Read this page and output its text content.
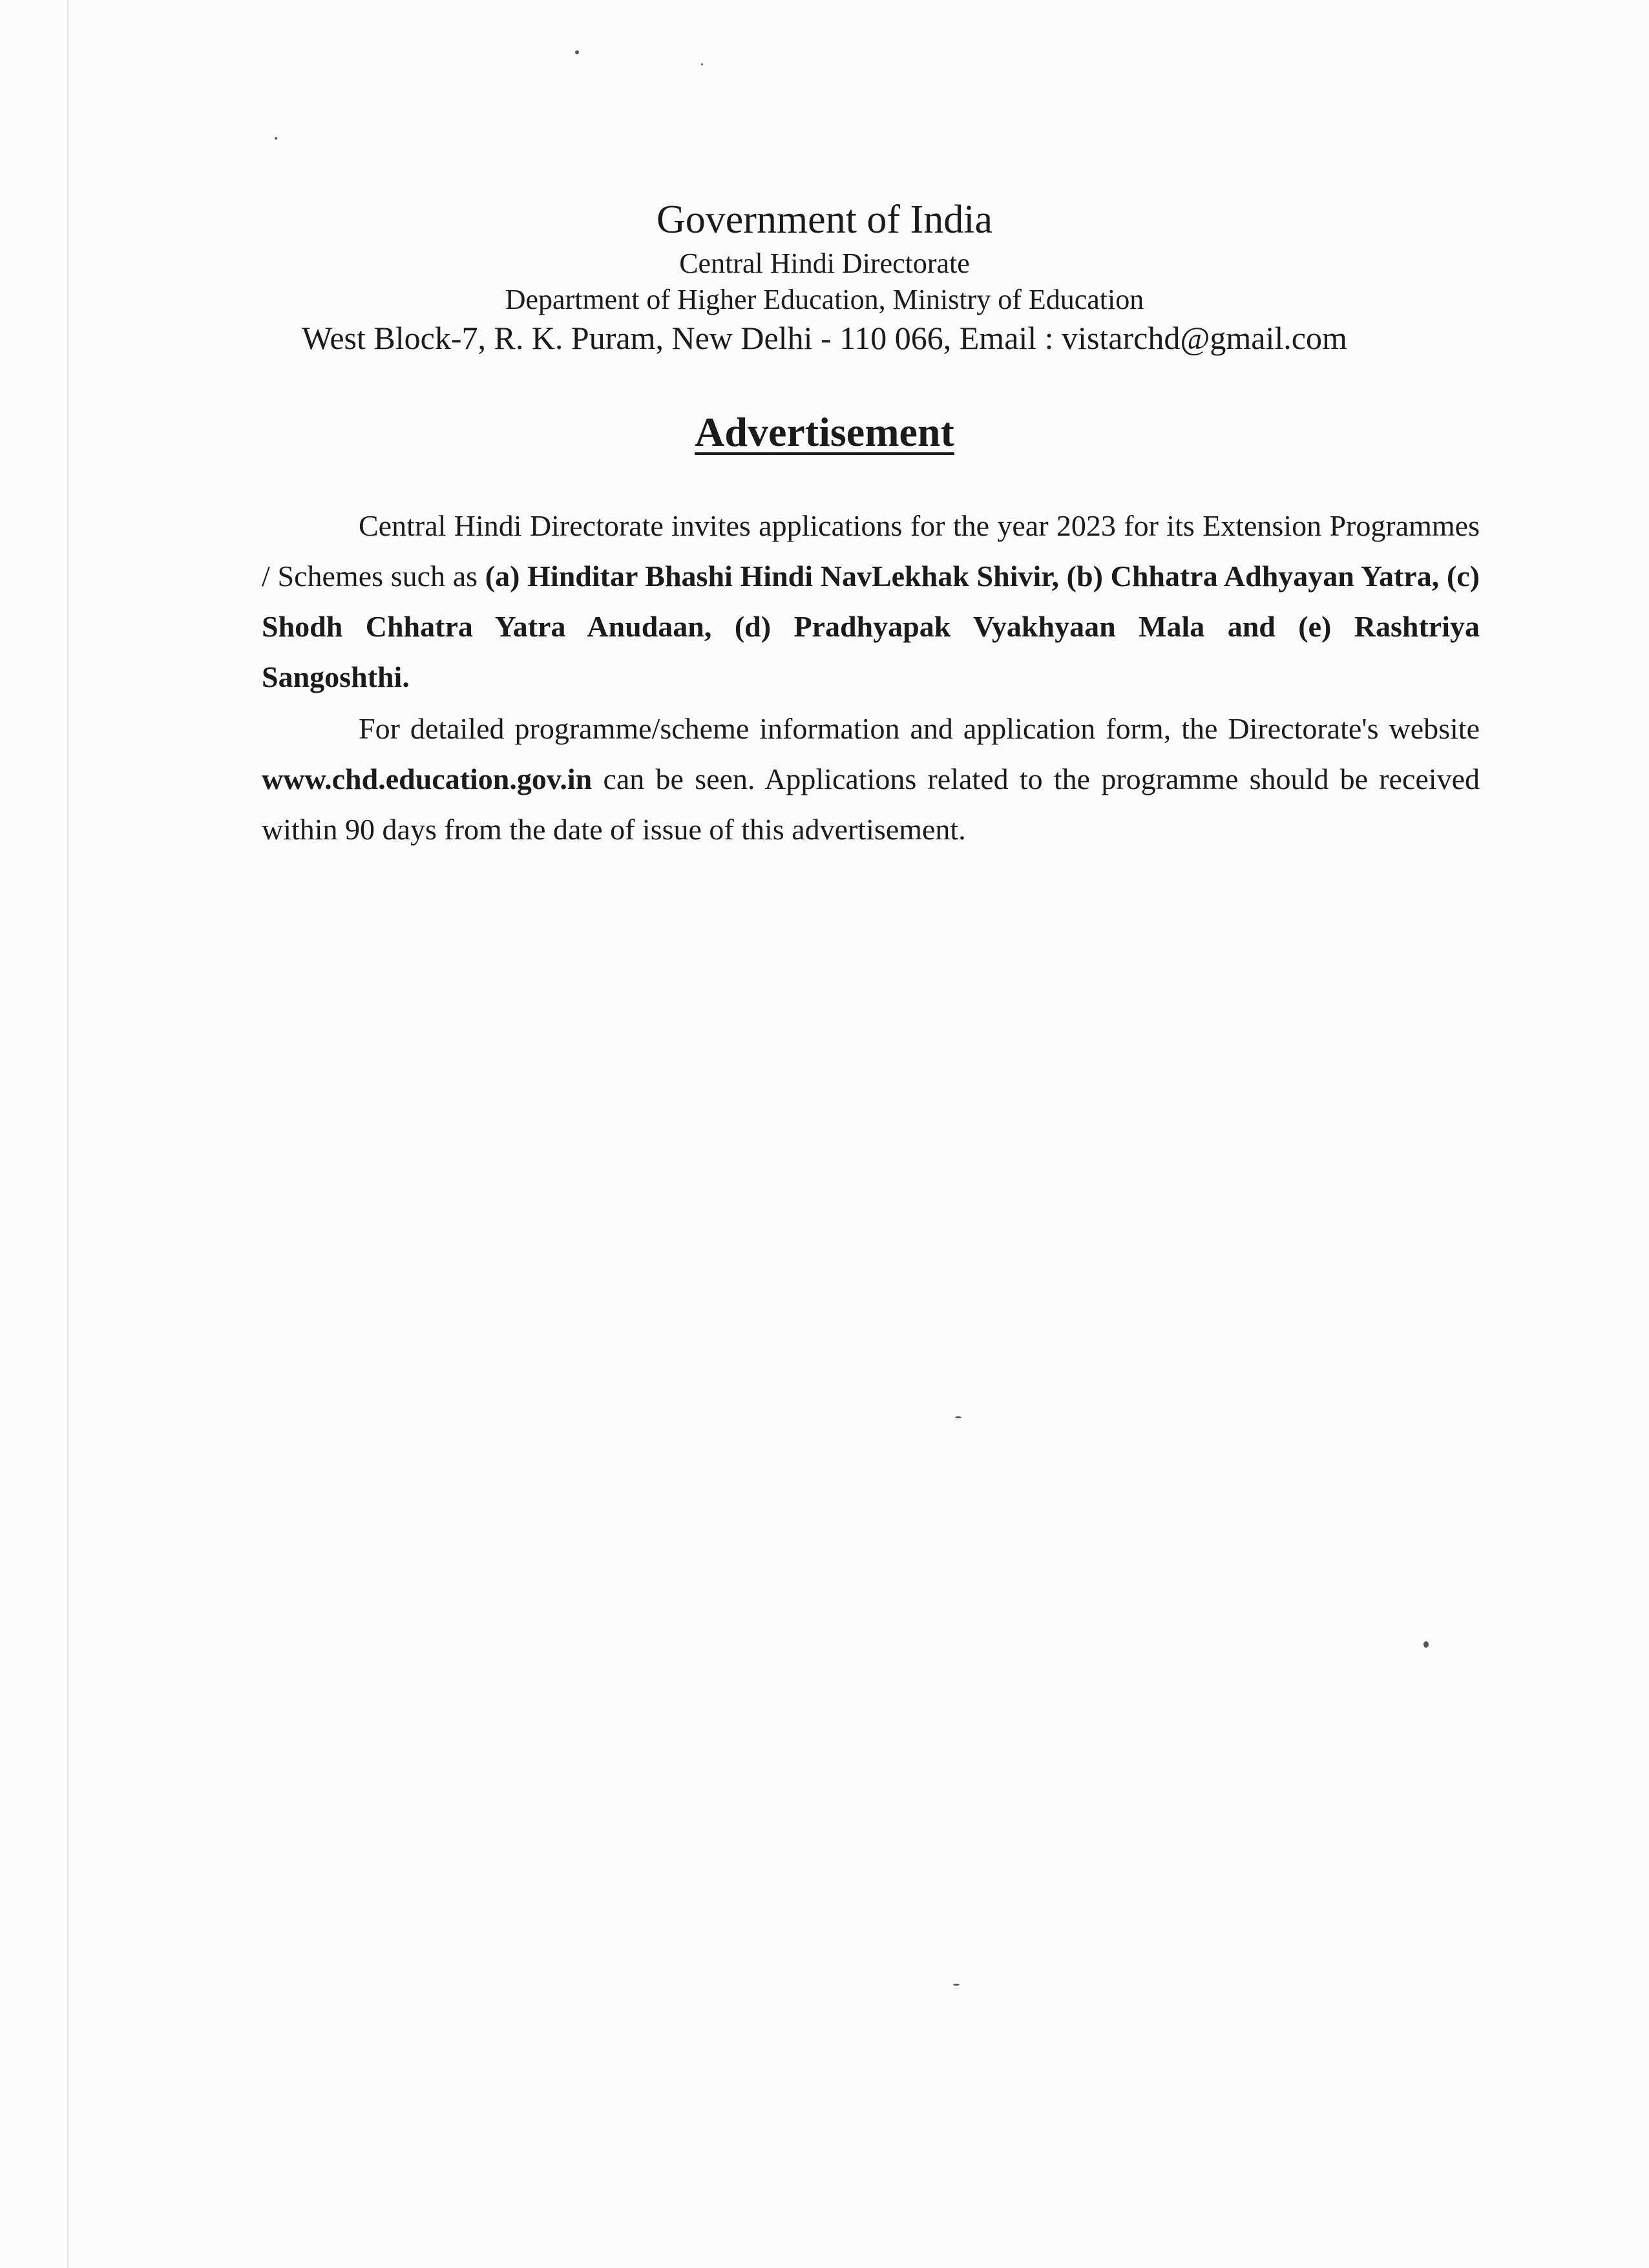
Government of India

Central Hindi Directorate

Department of Higher Education, Ministry of Education

West Block-7, R. K. Puram, New Delhi - 110 066, Email : vistarchd@gmail.com

Advertisement

Central Hindi Directorate invites applications for the year 2023 for its Extension Programmes / Schemes such as (a) Hinditar Bhashi Hindi NavLekhak Shivir, (b) Chhatra Adhyayan Yatra, (c) Shodh Chhatra Yatra Anudaan, (d) Pradhyapak Vyakhyaan Mala and (e) Rashtriya Sangoshthi.

For detailed programme/scheme information and application form, the Directorate's website www.chd.education.gov.in can be seen. Applications related to the programme should be received within 90 days from the date of issue of this advertisement.
